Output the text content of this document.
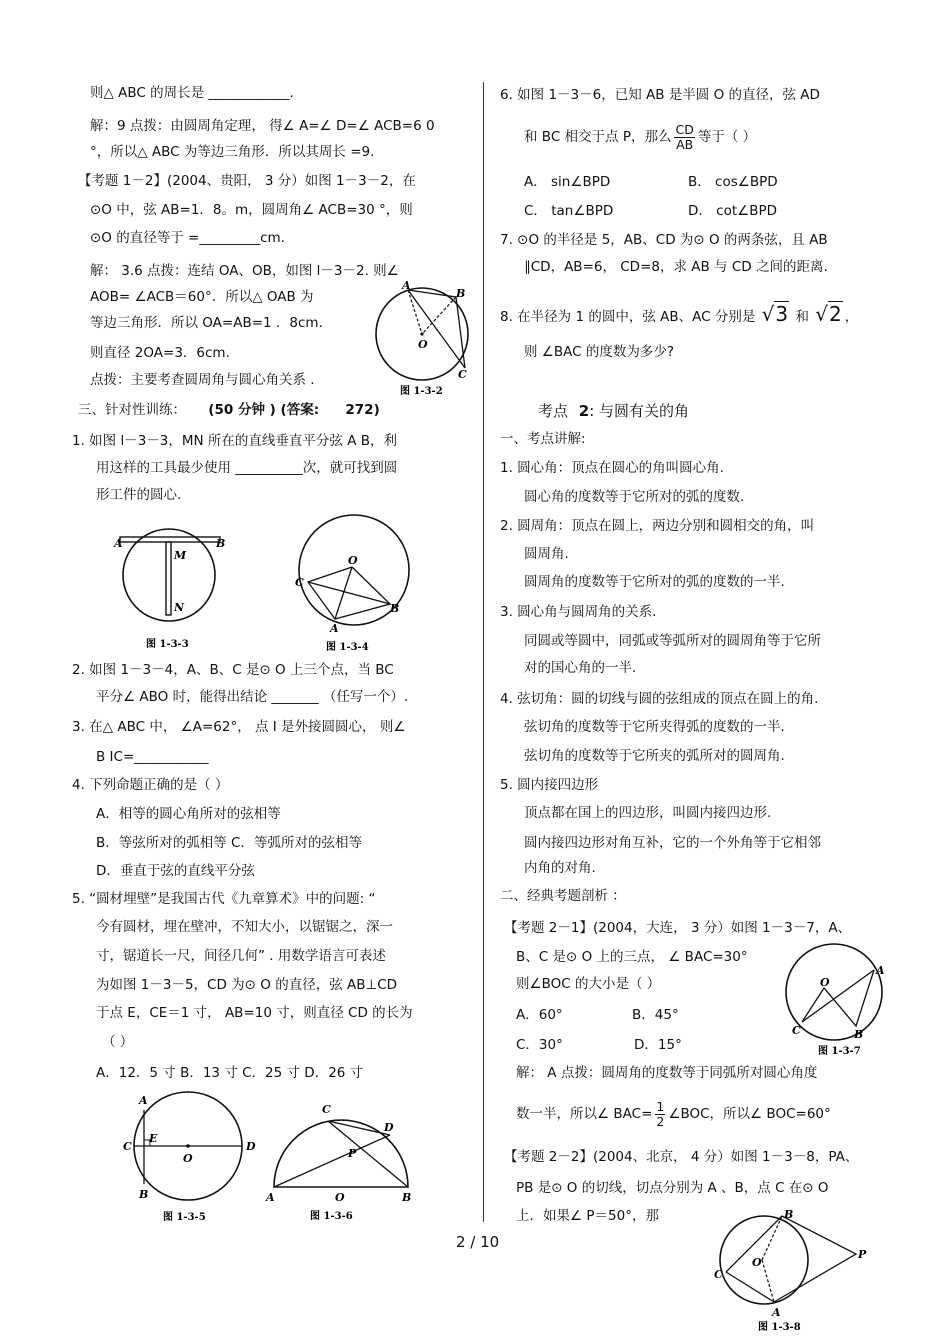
则△ ABC 的周长是 ____________.
解：9 点拨：由圆周角定理， 得∠ A=∠ D=∠ ACB=6 0
°，所以△ ABC 为等边三角形．所以其周长 =9.
【考题 1－2】(2004、贵阳， 3 分）如图 1－3－2，在
⊙O 中，弦 AB=1．8。m，圆周角∠ ACB=30 °，则
⊙O 的直径等于 =_________cm.
解： 3.6 点拨：连结 OA、OB，如图 l－3－2. 则∠
AOB= ∠ACB＝60°．所以△ OAB 为
等边三角形．所以 OA=AB=1 ．8cm.
则直径 2OA=3．6cm.
点拨：主要考查圆周角与圆心角关系 .
三、针对性训练： (50 分钟 ) (答案: 272)
1. 如图 l－3－3，MN 所在的直线垂直平分弦 A B，利
用这样的工具最少使用 __________次，就可找到圆
形工件的圆心.
A	B
M
N
图 1-3-3
O
C
B
A
图 1-3-4
2. 如图 1－3－4，A、B、C 是⊙ O 上三个点，当 BC
平分∠ ABO 时，能得出结论 _______ （任写一个）.
3. 在△ ABC 中， ∠A=62°， 点 I 是外接圆圆心， 则∠
B IC=___________
4. 下列命题正确的是（ ）
A．相等的圆心角所对的弦相等
B．等弦所对的弧相等 C．等弧所对的弦相等
D．垂直于弦的直线平分弦
5. “圆材埋壁”是我国古代《九章算术》中的问题: “
今有圆材，埋在壁冲，不知大小，以锯锯之，深一
寸，锯道长一尺，间径几何” . 用数学语言可表述
为如图 1－3－5，CD 为⊙ O 的直径，弦 AB⊥CD
于点 E，CE＝1 寸， AB=10 寸，则直径 CD 的长为
（ ）
A．12．5 寸 B．13 寸 C．25 寸 D．26 寸
A
C
E
O
D
B
图 1-3-5
C
D
P
A	O	B
图 1-3-6
A
B
O
C
图 1-3-2
6. 如图 1－3－6，已知 AB 是半圆 O 的直径，弦 AD
和 BC 相交于点 P，那么 $\frac{CD}{AB}$ 等于（ ）
A． sin∠BPD	B． cos∠BPD
C． tan∠BPD	D． cot∠BPD
7. ⊙O 的半径是 5，AB、CD 为⊙ O 的两条弦，且 AB
∥CD，AB=6， CD=8，求 AB 与 CD 之间的距离.
8. 在半径为 1 的圆中，弦 AB、AC 分别是 √3 和 √2 ，
则 ∠BAC 的度数为多少?
考点 2: 与圆有关的角
一、考点讲解:
1. 圆心角：顶点在圆心的角叫圆心角.
圆心角的度数等于它所对的弧的度数.
2. 圆周角：顶点在圆上，两边分别和圆相交的角，叫
圆周角.
圆周角的度数等于它所对的弧的度数的一半.
3. 圆心角与圆周角的关系.
同圆或等圆中，同弧或等弧所对的圆周角等于它所
对的国心角的一半.
4. 弦切角：圆的切线与圆的弦组成的顶点在圆上的角.
弦切角的度数等于它所夹得弧的度数的一半.
弦切角的度数等于它所夹的弧所对的圆周角.
5. 圆内接四边形
顶点都在国上的四边形，叫圆内接四边形.
圆内接四边形对角互补，它的一个外角等于它相邻
内角的对角.
二、经典考题剖析 ：
【考题 2－1】(2004，大连， 3 分）如图 1－3－7，A、
B、C 是⊙ O 上的三点， ∠ BAC=30°
则∠BOC 的大小是（ ）
A．60°	B．45°
C．30°	D．15°
解： A 点拨：圆周角的度数等于同弧所对圆心角度
数一半，所以∠ $BAC= \frac{1}{2}$ ∠BOC，所以∠ BOC=60°
【考题 2－2】(2004、北京， 4 分）如图 1－3－8，PA、
PB 是⊙ O 的切线，切点分别为 A 、B，点 C 在⊙ O
上．如果∠ P＝50°，那
O
A
C	B
图 1-3-7
B
C
O
P
A
图 1-3-8
2 / 10
